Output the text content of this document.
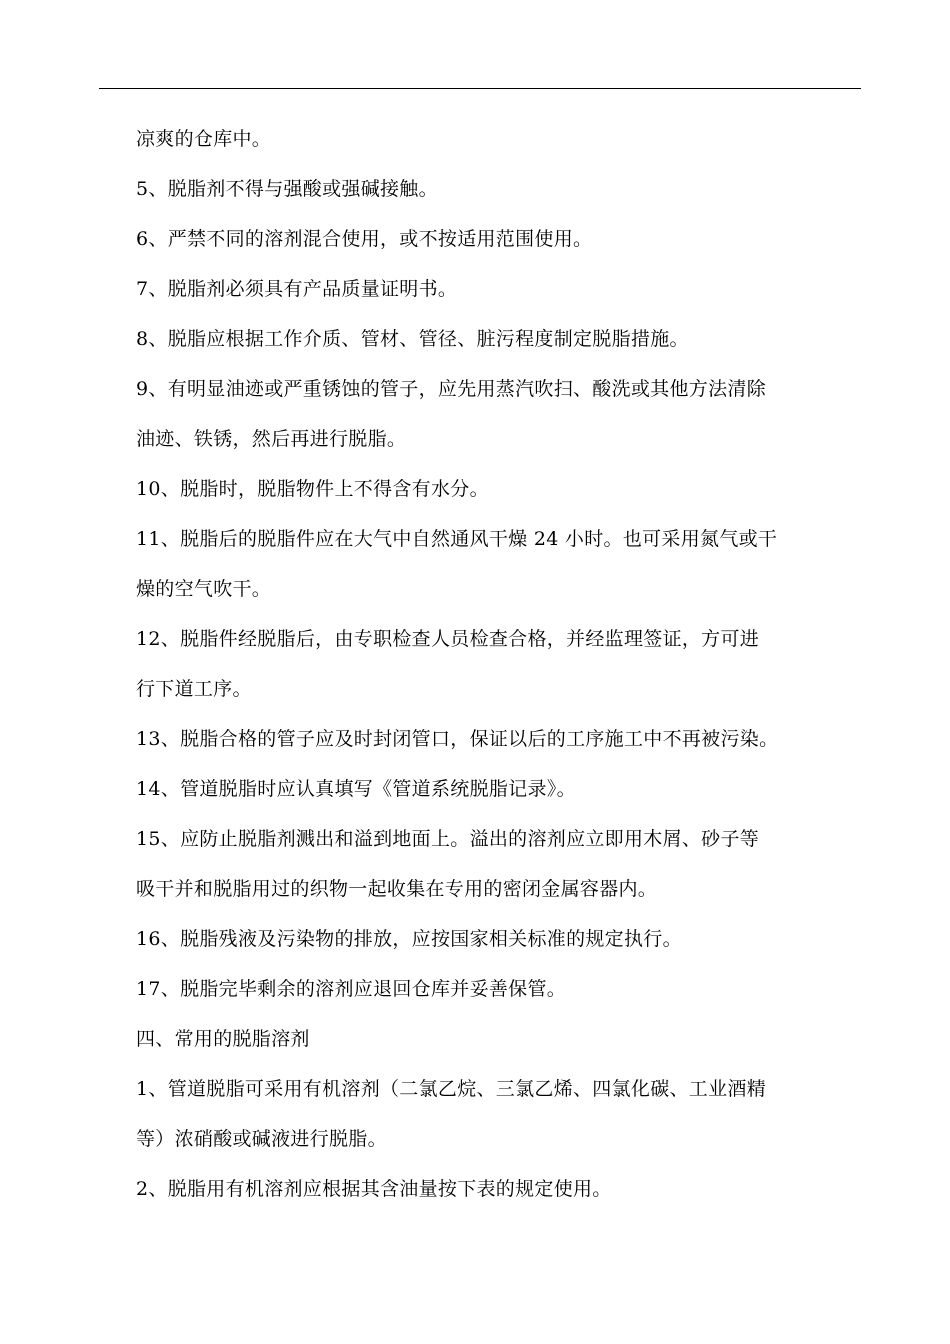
凉爽的仓库中。
5、脱脂剂不得与强酸或强碱接触。
6、严禁不同的溶剂混合使用，或不按适用范围使用。
7、脱脂剂必须具有产品质量证明书。
8、脱脂应根据工作介质、管材、管径、脏污程度制定脱脂措施。
9、有明显油迹或严重锈蚀的管子，应先用蒸汽吹扫、酸洗或其他方法清除
油迹、铁锈，然后再进行脱脂。
10、脱脂时，脱脂物件上不得含有水分。
11、脱脂后的脱脂件应在大气中自然通风干燥 24 小时。也可采用氮气或干
燥的空气吹干。
12、脱脂件经脱脂后，由专职检查人员检查合格，并经监理签证，方可进
行下道工序。
13、脱脂合格的管子应及时封闭管口，保证以后的工序施工中不再被污染。
14、管道脱脂时应认真填写《管道系统脱脂记录》。
15、应防止脱脂剂溅出和溢到地面上。溢出的溶剂应立即用木屑、砂子等
吸干并和脱脂用过的织物一起收集在专用的密闭金属容器内。
16、脱脂残液及污染物的排放，应按国家相关标准的规定执行。
17、脱脂完毕剩余的溶剂应退回仓库并妥善保管。
四、常用的脱脂溶剂
1、管道脱脂可采用有机溶剂（二氯乙烷、三氯乙烯、四氯化碳、工业酒精
等）浓硝酸或碱液进行脱脂。
2、脱脂用有机溶剂应根据其含油量按下表的规定使用。
